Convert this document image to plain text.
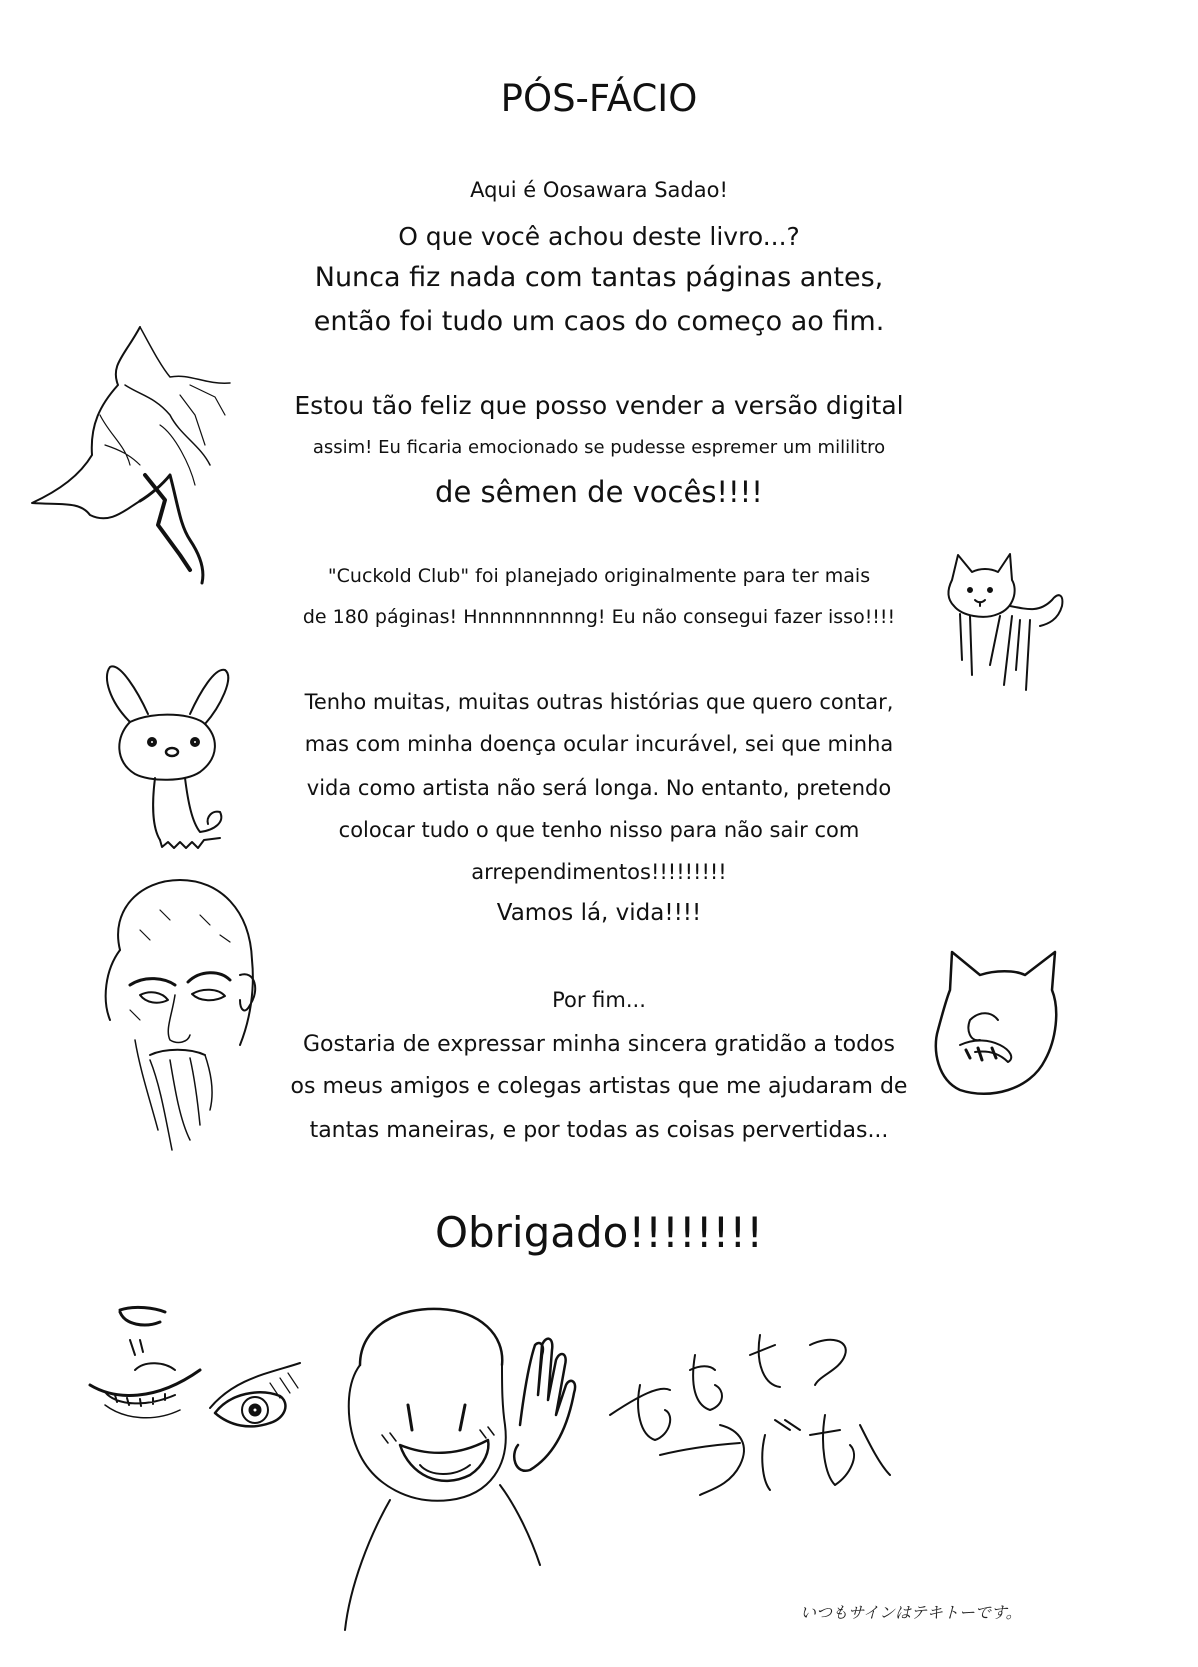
PÓS-FÁCIO
Aqui é Oosawara Sadao!
O que você achou deste livro...?
Nunca fiz nada com tantas páginas antes,
então foi tudo um caos do começo ao fim.
Estou tão feliz que posso vender a versão digital
assim! Eu ficaria emocionado se pudesse espremer um mililitro
de sêmen de vocês!!!!
"Cuckold Club" foi planejado originalmente para ter mais
de 180 páginas! Hnnnnnnnnng! Eu não consegui fazer isso!!!!
Tenho muitas, muitas outras histórias que quero contar,
mas com minha doença ocular incurável, sei que minha
vida como artista não será longa. No entanto, pretendo
colocar tudo o que tenho nisso para não sair com
arrependimentos!!!!!!!!!
Vamos lá, vida!!!!
Por fim...
Gostaria de expressar minha sincera gratidão a todos
os meus amigos e colegas artistas que me ajudaram de
tantas maneiras, e por todas as coisas pervertidas...
Obrigado!!!!!!!!
いつもサインはテキトーです。
